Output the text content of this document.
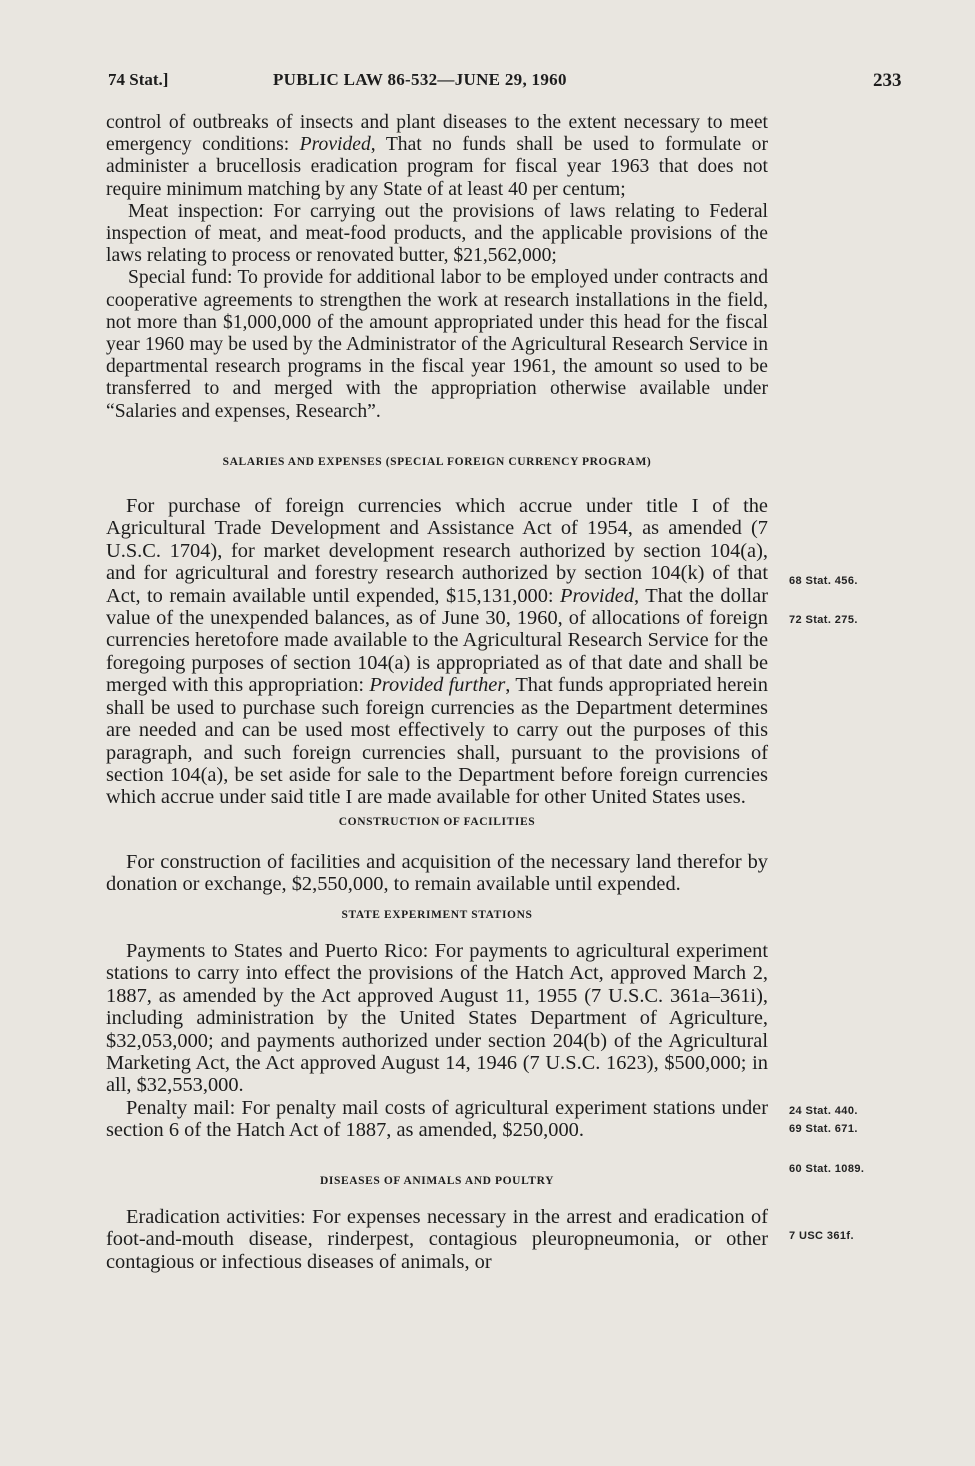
74 Stat.]	PUBLIC LAW 86-532—JUNE 29, 1960	233

control of outbreaks of insects and plant diseases to the extent necessary to meet emergency conditions: Provided, That no funds shall be used to formulate or administer a brucellosis eradication program for fiscal year 1963 that does not require minimum matching by any State of at least 40 per centum;

Meat inspection: For carrying out the provisions of laws relating to Federal inspection of meat, and meat-food products, and the applicable provisions of the laws relating to process or renovated butter, $21,562,000;

Special fund: To provide for additional labor to be employed under contracts and cooperative agreements to strengthen the work at research installations in the field, not more than $1,000,000 of the amount appropriated under this head for the fiscal year 1960 may be used by the Administrator of the Agricultural Research Service in departmental research programs in the fiscal year 1961, the amount so used to be transferred to and merged with the appropriation otherwise available under “Salaries and expenses, Research”.

SALARIES AND EXPENSES (SPECIAL FOREIGN CURRENCY PROGRAM)

For purchase of foreign currencies which accrue under title I of the Agricultural Trade Development and Assistance Act of 1954, as amended (7 U.S.C. 1704), for market development research authorized by section 104(a), and for agricultural and forestry research authorized by section 104(k) of that Act, to remain available until expended, $15,131,000: Provided, That the dollar value of the unexpended balances, as of June 30, 1960, of allocations of foreign currencies heretofore made available to the Agricultural Research Service for the foregoing purposes of section 104(a) is appropriated as of that date and shall be merged with this appropriation: Provided further, That funds appropriated herein shall be used to purchase such foreign currencies as the Department determines are needed and can be used most effectively to carry out the purposes of this paragraph, and such foreign currencies shall, pursuant to the provisions of section 104(a), be set aside for sale to the Department before foreign currencies which accrue under said title I are made available for other United States uses.

CONSTRUCTION OF FACILITIES

For construction of facilities and acquisition of the necessary land therefor by donation or exchange, $2,550,000, to remain available until expended.

STATE EXPERIMENT STATIONS

Payments to States and Puerto Rico: For payments to agricultural experiment stations to carry into effect the provisions of the Hatch Act, approved March 2, 1887, as amended by the Act approved August 11, 1955 (7 U.S.C. 361a–361i), including administration by the United States Department of Agriculture, $32,053,000; and payments authorized under section 204(b) of the Agricultural Marketing Act, the Act approved August 14, 1946 (7 U.S.C. 1623), $500,000; in all, $32,553,000.

Penalty mail: For penalty mail costs of agricultural experiment stations under section 6 of the Hatch Act of 1887, as amended, $250,000.

DISEASES OF ANIMALS AND POULTRY

Eradication activities: For expenses necessary in the arrest and eradication of foot-and-mouth disease, rinderpest, contagious pleuropneumonia, or other contagious or infectious diseases of animals, or

68 Stat. 456.
72 Stat. 275.
24 Stat. 440.
69 Stat. 671.
60 Stat. 1089.
7 USC 361f.
